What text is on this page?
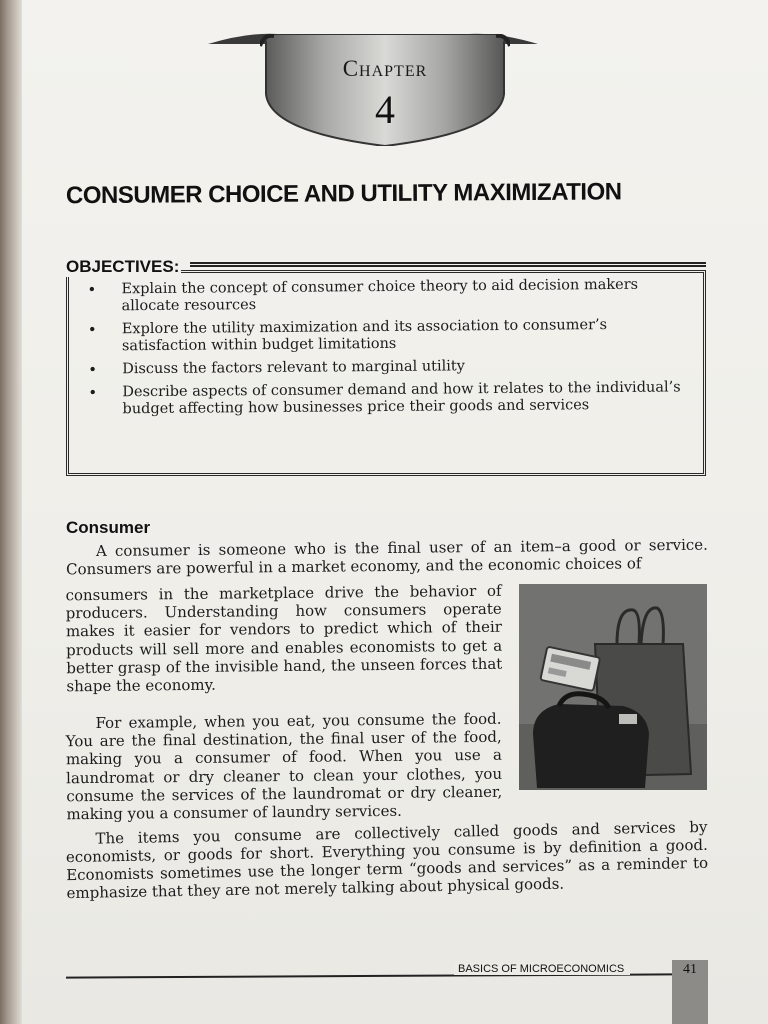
Chapter
4
CONSUMER CHOICE AND UTILITY MAXIMIZATION
OBJECTIVES:
• Explain the concept of consumer choice theory to aid decision makers allocate resources
• Explore the utility maximization and its association to consumer’s satisfaction within budget limitations
• Discuss the factors relevant to marginal utility
• Describe aspects of consumer demand and how it relates to the individual’s budget affecting how businesses price their goods and services
Consumer

A consumer is someone who is the final user of an item–a good or service. Consumers are powerful in a market economy, and the economic choices of

consumers in the marketplace drive the behavior of producers. Understanding how consumers operate makes it easier for vendors to predict which of their products will sell more and enables economists to get a better grasp of the invisible hand, the unseen forces that shape the economy.

For example, when you eat, you consume the food. You are the final destination, the final user of the food, making you a consumer of food. When you use a laundromat or dry cleaner to clean your clothes, you consume the services of the laundromat or dry cleaner, making you a consumer of laundry services.

The items you consume are collectively called goods and services by economists, or goods for short. Everything you consume is by definition a good. Economists sometimes use the longer term “goods and services” as a reminder to emphasize that they are not merely talking about physical goods.

BASICS OF MICROECONOMICS	41
